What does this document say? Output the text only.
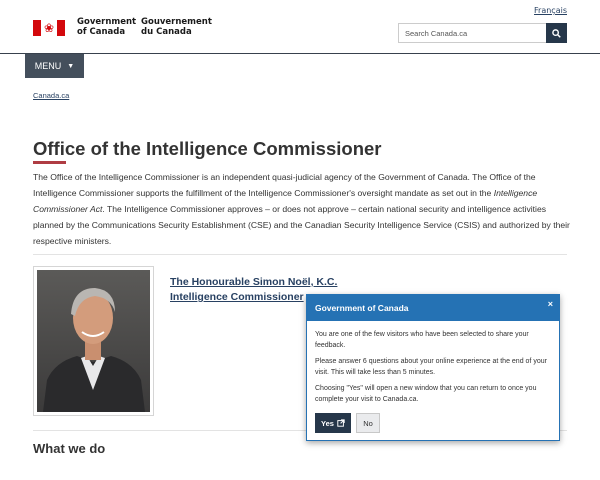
Français
❀	Government of Canada
Gouvernement du Canada
Search Canada.ca
MENU ▼
Canada.ca
Office of the Intelligence Commissioner

The Office of the Intelligence Commissioner is an independent quasi-judicial agency of the Government of Canada. The Office of the Intelligence Commissioner supports the fulfillment of the Intelligence Commissioner's oversight mandate as set out in the Intelligence Commissioner Act. The Intelligence Commissioner approves – or does not approve – certain national security and intelligence activities planned by the Communications Security Establishment (CSE) and the Canadian Security Intelligence Service (CSIS) and authorized by their respective ministers.

The Honourable Simon Noël, K.C.
Intelligence Commissioner
What we do
Government of Canada	×

You are one of the few visitors who have been selected to share your feedback.

Please answer 6 questions about your online experience at the end of your visit. This will take less than 5 minutes.

Choosing "Yes" will open a new window that you can return to once you complete your visit to Canada.ca.

Yes	No
